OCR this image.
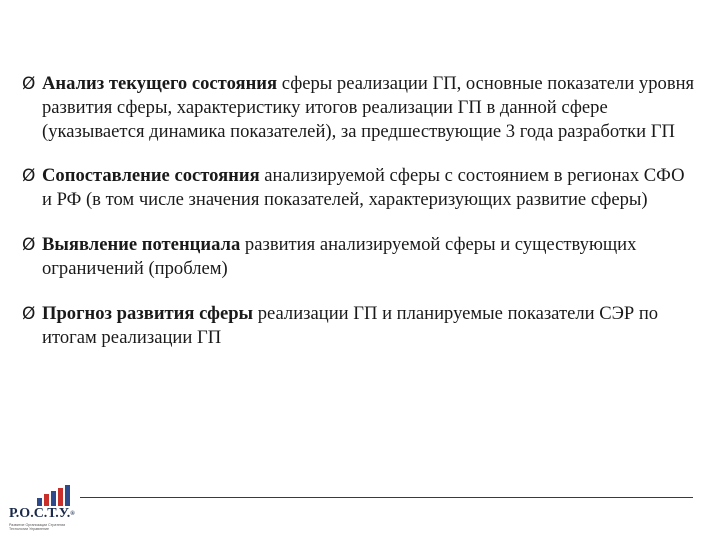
Ø Анализ текущего состояния сферы реализации ГП, основные показатели уровня развития сферы, характеристику итогов реализации ГП в данной сфере (указывается динамика показателей), за предшествующие 3 года разработки ГП
Ø Сопоставление состояния анализируемой сферы с состоянием в регионах СФО и РФ (в том числе значения показателей, характеризующих развитие сферы)
Ø Выявление потенциала развития анализируемой сферы и существующих ограничений (проблем)
Ø Прогноз развития сферы реализации ГП и планируемые показатели СЭР по итогам реализации ГП
Р.О.С.Т.У.®
Развитие Организации Стратегии Технологии Управление
